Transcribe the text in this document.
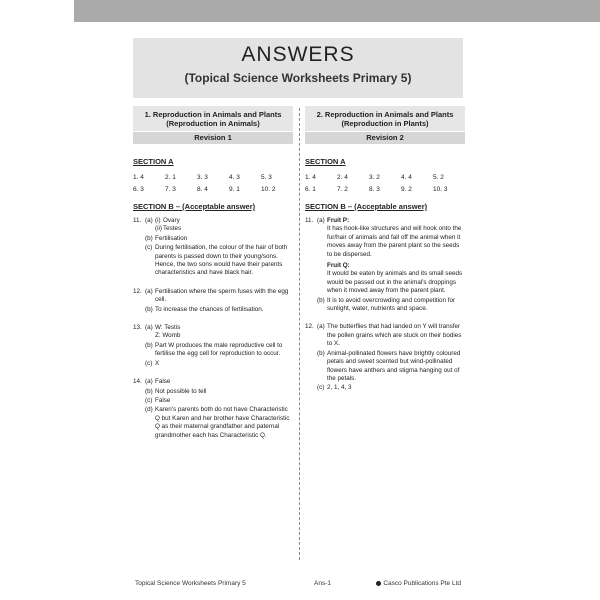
ANSWERS
(Topical Science Worksheets Primary 5)
1. Reproduction in Animals and Plants
(Reproduction in Animals)
Revision 1
SECTION A
1. 4	2. 1	3. 3	4. 3	5. 3
6. 3	7. 3	8. 4	9. 1	10. 2
SECTION B – (Acceptable answer)
11. (a) (i) Ovary
(ii) Testes
(b) Fertilisation
(c) During fertilisation, the colour of the hair of both parents is passed down to their young/sons. Hence, the two sons would have their parents characteristics and have black hair.
12. (a) Fertilisation where the sperm fuses with the egg cell.
(b) To increase the chances of fertilisation.
13. (a) W: Testis
Z: Womb
(b) Part W produces the male reproductive cell to fertilise the egg cell for reproduction to occur.
(c) X
14. (a) False
(b) Not possible to tell
(c) False
(d) Karen's parents both do not have Characteristic Q but Karen and her brother have Characteristic Q as their maternal grandfather and paternal grandmother each has Characteristic Q.
2. Reproduction in Animals and Plants
(Reproduction in Plants)
Revision 2
SECTION A
1. 4	2. 4	3. 2	4. 4	5. 2
6. 1	7. 2	8. 3	9. 2	10. 3
SECTION B – (Acceptable answer)
11. (a) Fruit P:
It has hook-like structures and will hook onto the fur/hair of animals and fall off the animal when it moves away from the parent plant so the seeds to be dispersed.
Fruit Q:
It would be eaten by animals and its small seeds would be passed out in the animal's droppings when it moved away from the parent plant.
(b) It is to avoid overcrowding and competition for sunlight, water, nutrients and space.
12. (a) The butterflies that had landed on Y will transfer the pollen grains which are stuck on their bodies to X.
(b) Animal-pollinated flowers have brightly coloured petals and sweet scented but wind-pollinated flowers have anthers and stigma hanging out of the petals.
(c) 2, 1, 4, 3
Topical Science Worksheets Primary 5	Ans-1	Casco Publications Pte Ltd
